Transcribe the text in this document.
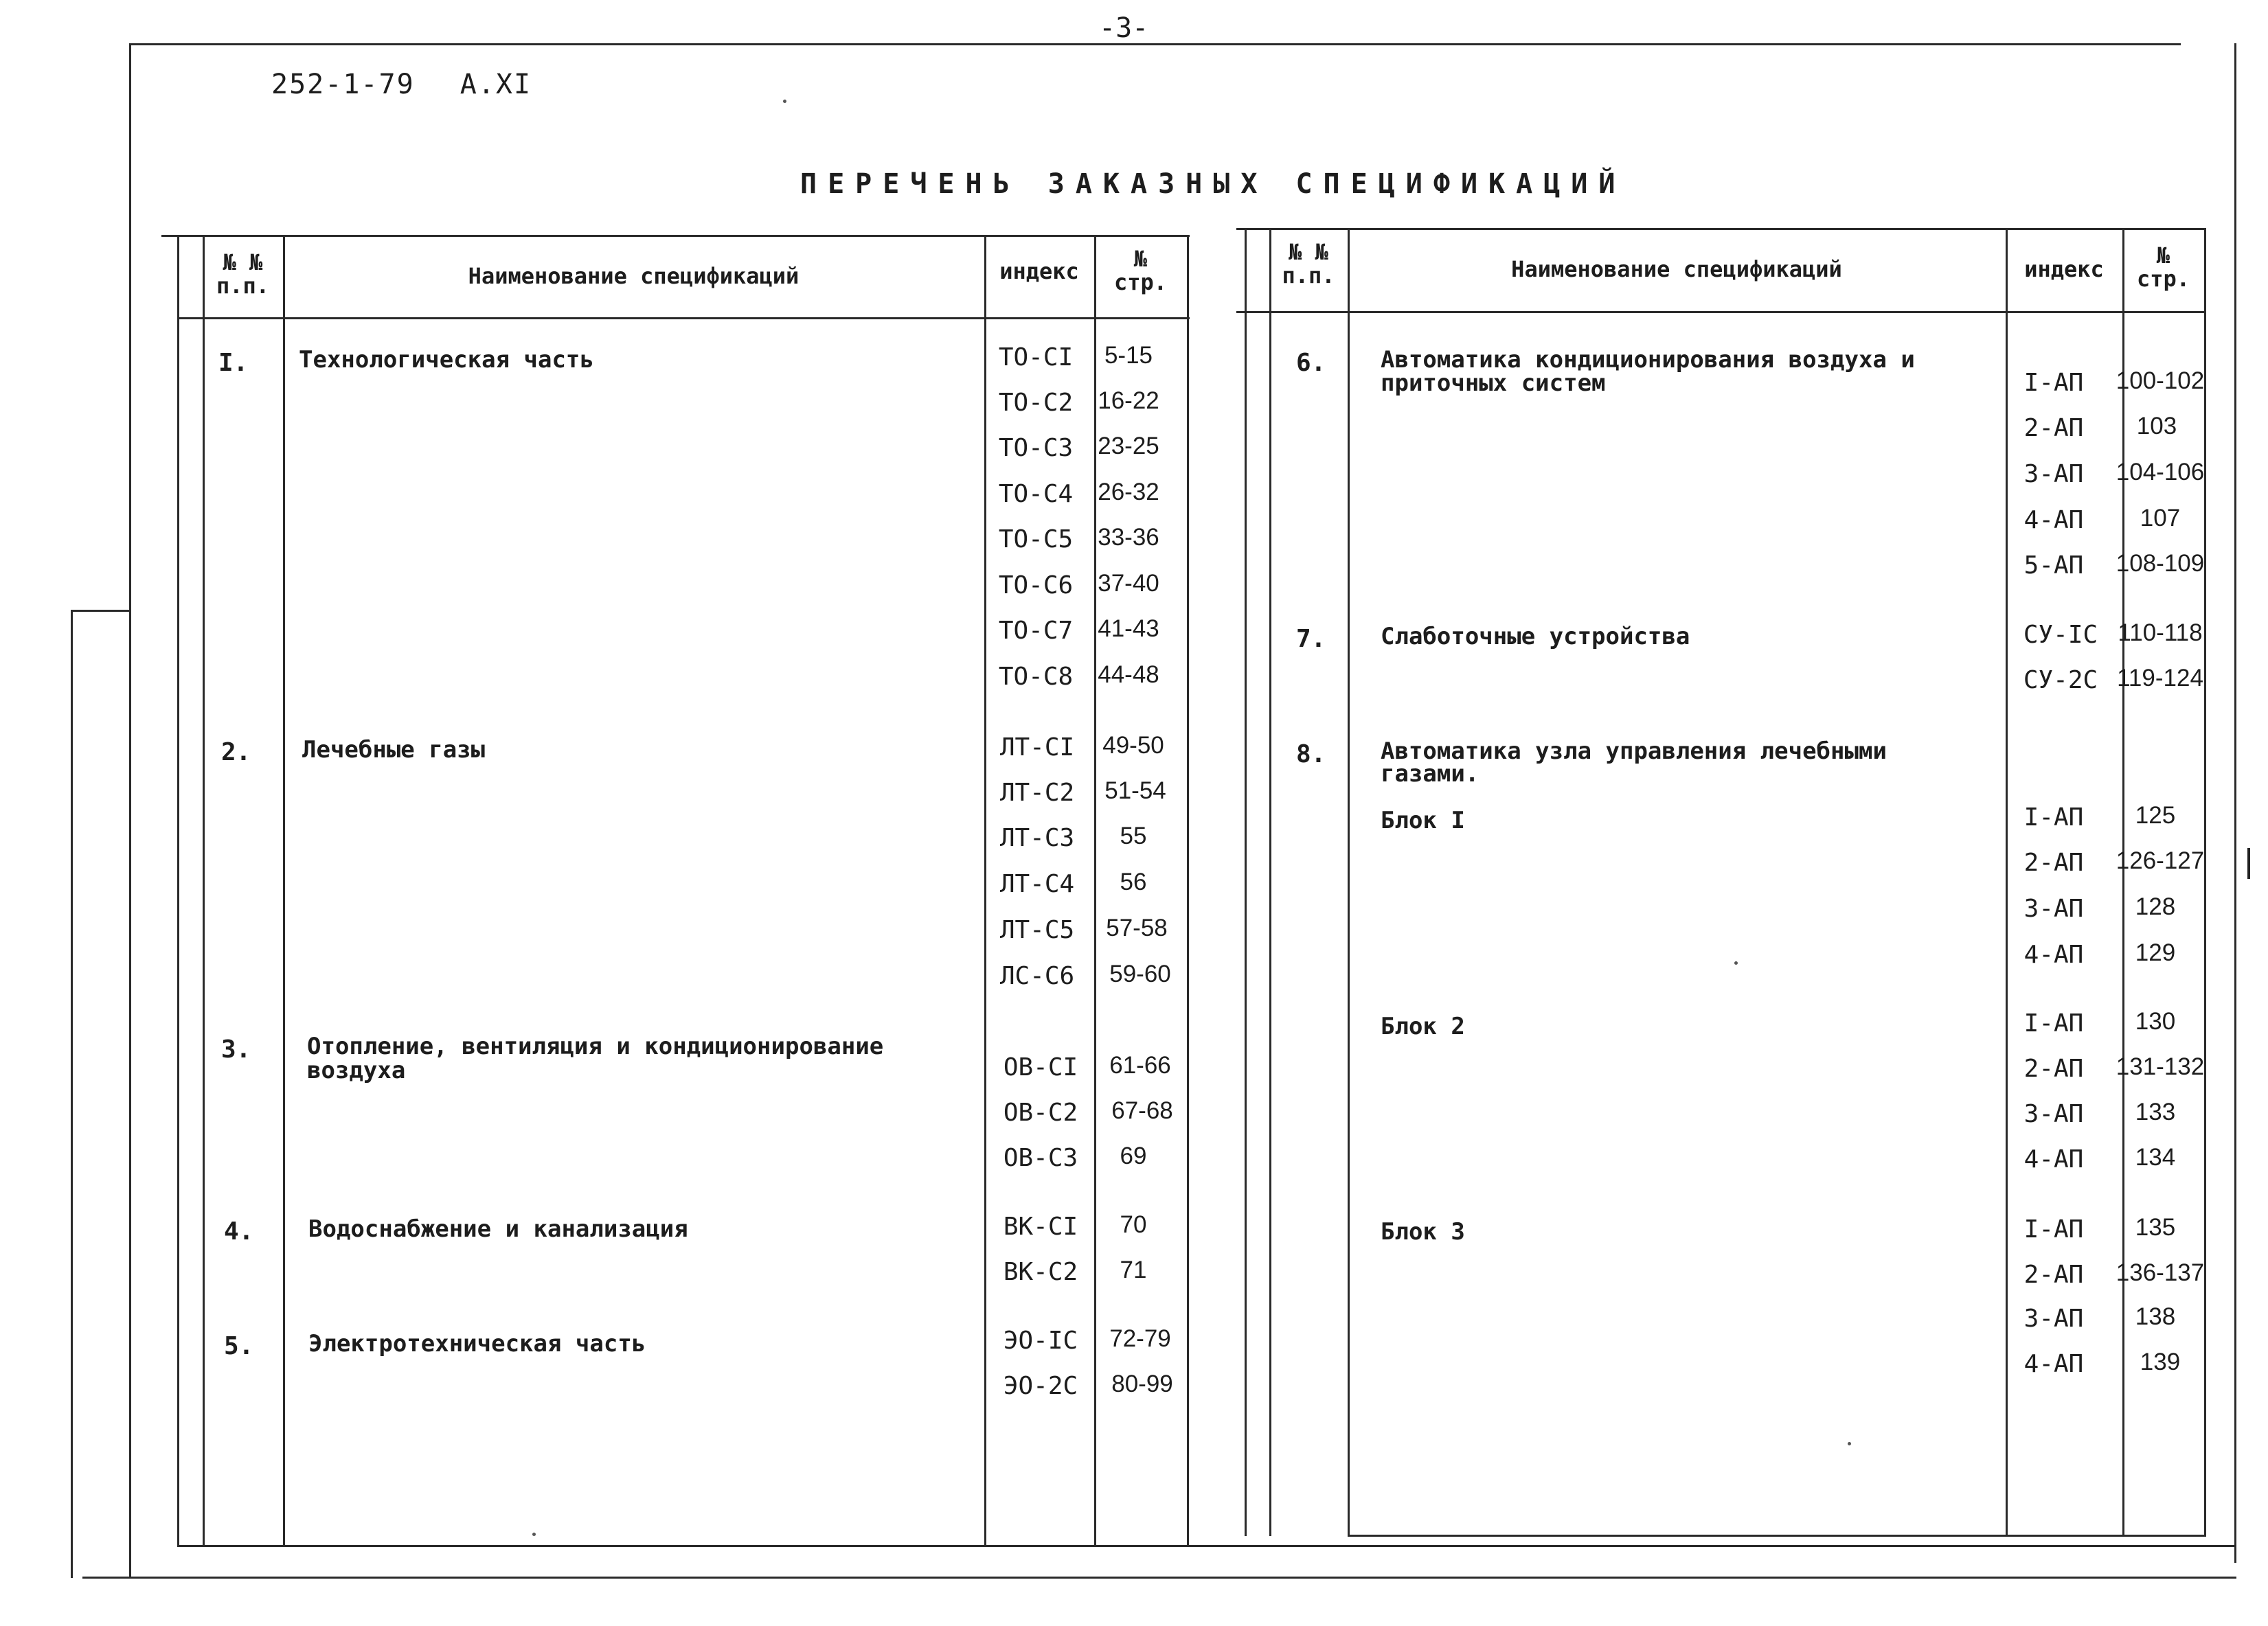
-3-
252-1-79 A.XI
ПЕРЕЧЕНЬ ЗАКАЗНЫХ СПЕЦИФИКАЦИЙ
№ №
п.п.	Наименование спецификаций	индекс	№
стр.
№ №
п.п.	Наименование спецификаций	индекс
№
стр.
I. Технологическая часть	ТО-СI	5-15
ТО-С2	16-22
ТО-С3	23-25
ТО-С4	26-32
ТО-С5	33-36
ТО-С6	37-40
ТО-С7	41-43
ТО-С8	44-48
2. Лечебные газы	ЛТ-СI	49-50
ЛТ-С2	51-54
ЛТ-С3	55
ЛТ-С4	56
ЛТ-С5	57-58
ЛС-С6	59-60
3. Отопление, вентиляция и кондиционирование
воздуха	ОВ-СI	61-66
ОВ-С2	67-68
ОВ-С3	69
4. Водоснабжение и канализация	ВК-СI	70
ВК-С2	71
5. Электротехническая часть	ЭО-IС	72-79
ЭО-2С	80-99
6. Автоматика кондиционирования воздуха и
приточных систем	I-АП	100-102
2-АП	103
3-АП	104-106
4-АП	107
5-АП	108-109
7. Слаботочные устройства	СУ-IС 110-118
СУ-2С 119-124
8. Автоматика узла управления лечебными
газами.
Блок I	I-АП	125
2-АП	126-127
3-АП	128
4-АП	129
Блок 2	I-АП	130
2-АП	131-132
3-АП	133
4-АП	134
Блок 3	I-АП	135
2-АП	136-137
3-АП	138
4-АП	139
